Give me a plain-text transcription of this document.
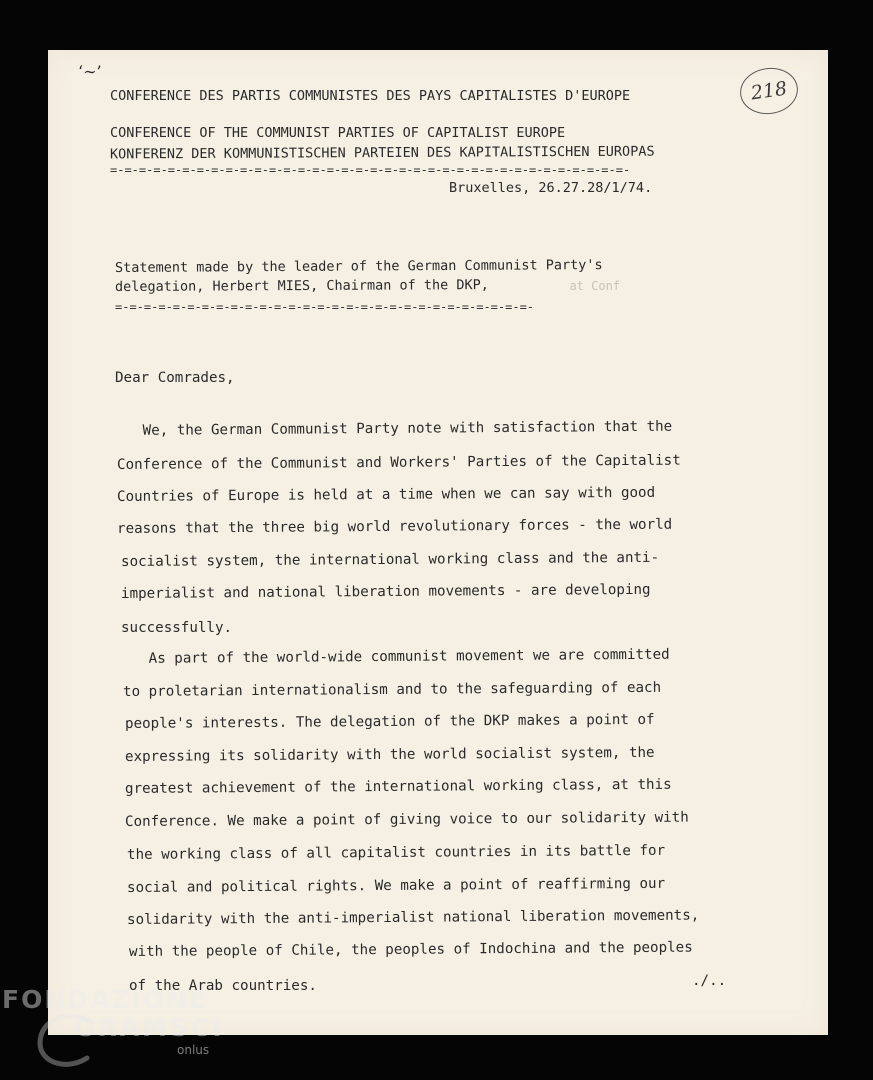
‘∼’
218
CONFERENCE DES PARTIS COMMUNISTES DES PAYS CAPITALISTES D'EUROPE
CONFERENCE OF THE COMMUNIST PARTIES OF CAPITALIST EUROPE
KONFERENZ DER KOMMUNISTISCHEN PARTEIEN DES KAPITALISTISCHEN EUROPAS
=-=-=-=-=-=-=-=-=-=-=-=-=-=-=-=-=-=-=-=-=-=-=-=-=-=-=-=-=-=-=-=-=-=-=-=-
Bruxelles, 26.27.28/1/74.
Statement made by the leader of the German Communist Party's
delegation, Herbert MIES, Chairman of the DKP,	at Conf
=-=-=-=-=-=-=-=-=-=-=-=-=-=-=-=-=-=-=-=-=-=-=-=-=-=-=-=-=-
Dear Comrades,
We, the German Communist Party note with satisfaction that the
Conference of the Communist and Workers' Parties of the Capitalist
Countries of Europe is held at a time when we can say with good
reasons that the three big world revolutionary forces - the world
socialist system, the international working class and the anti-
imperialist and national liberation movements - are developing
successfully.
As part of the world-wide communist movement we are committed
to proletarian internationalism and to the safeguarding of each
people's interests. The delegation of the DKP makes a point of
expressing its solidarity with the world socialist system, the
greatest achievement of the international working class, at this
Conference. We make a point of giving voice to our solidarity with
the working class of all capitalist countries in its battle for
social and political rights. We make a point of reaffirming our
solidarity with the anti-imperialist national liberation movements,
with the people of Chile, the peoples of Indochina and the peoples
of the Arab countries.	./..
FONDAZIONE
GRAMSCI
onlus
